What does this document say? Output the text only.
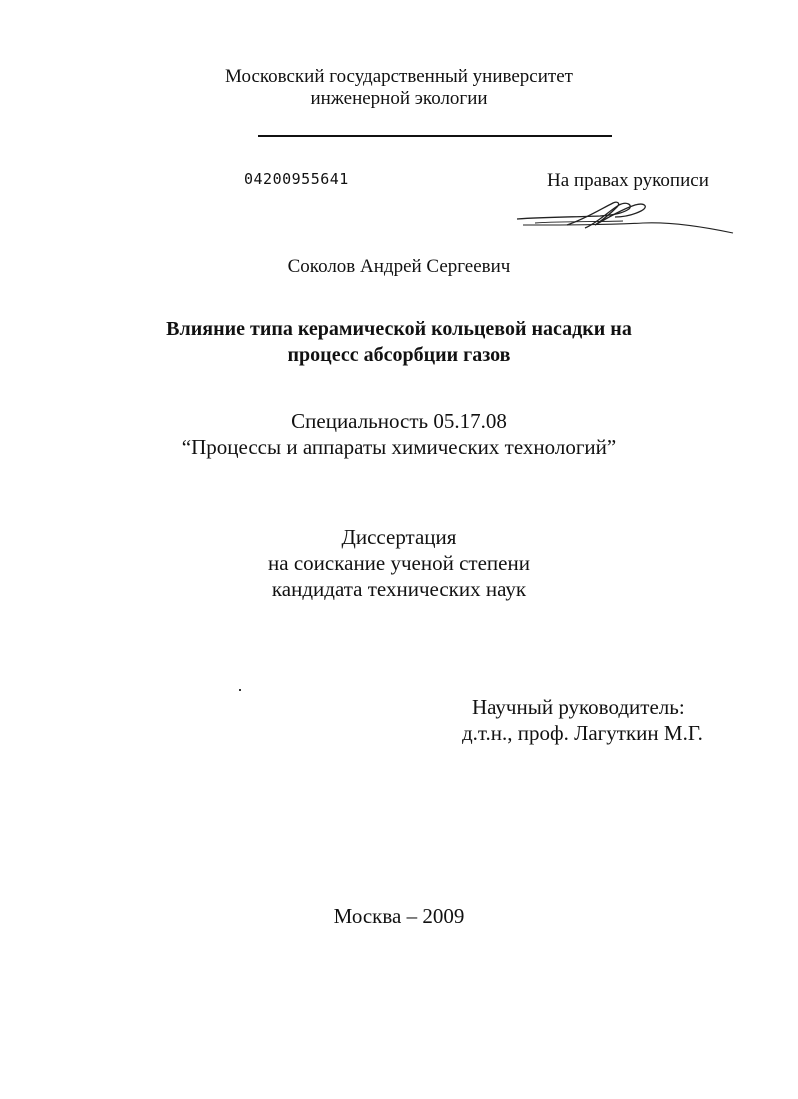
Московский государственный университет
инженерной экологии
04200955641	На правах рукописи
Соколов Андрей Сергеевич
Влияние типа керамической кольцевой насадки на
процесс абсорбции газов
Специальность 05.17.08
“Процессы и аппараты химических технологий”
Диссертация
на соискание ученой степени
кандидата технических наук
Научный руководитель:
д.т.н., проф. Лагуткин М.Г.
Москва – 2009
